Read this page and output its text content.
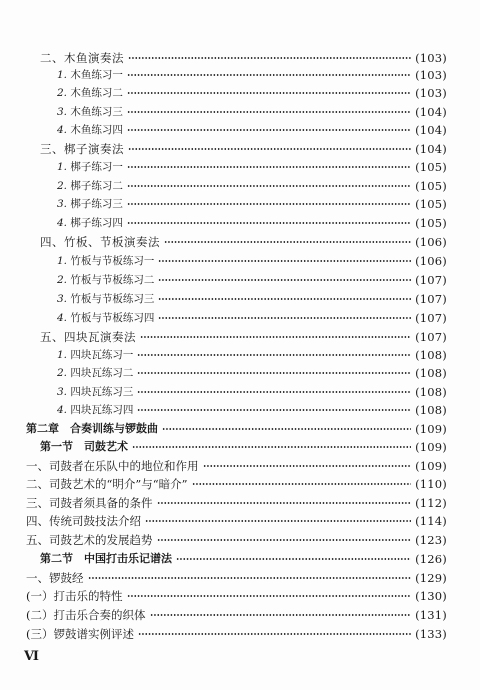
二、木鱼演奏法	(103)
1. 木鱼练习一	(103)
2. 木鱼练习二	(103)
3. 木鱼练习三	(104)
4. 木鱼练习四	(104)
三、梆子演奏法	(104)
1. 梆子练习一	(105)
2. 梆子练习二	(105)
3. 梆子练习三	(105)
4. 梆子练习四	(105)
四、竹板、节板演奏法	(106)
1. 竹板与节板练习一	(106)
2. 竹板与节板练习二	(107)
3. 竹板与节板练习三	(107)
4. 竹板与节板练习四	(107)
五、四块瓦演奏法	(107)
1. 四块瓦练习一	(108)
2. 四块瓦练习二	(108)
3. 四块瓦练习三	(108)
4. 四块瓦练习四	(108)
第二章　合奏训练与锣鼓曲	(109)
第一节　司鼓艺术	(109)
一、司鼓者在乐队中的地位和作用	(109)
二、司鼓艺术的“明介”与“暗介”	(110)
三、司鼓者须具备的条件	(112)
四、传统司鼓技法介绍	(114)
五、司鼓艺术的发展趋势	(123)
第二节　中国打击乐记谱法	(126)
一、锣鼓经	(129)
(一）打击乐的特性	(130)
(二）打击乐合奏的织体	(131)
(三）锣鼓谱实例评述	(133)
Ⅵ
